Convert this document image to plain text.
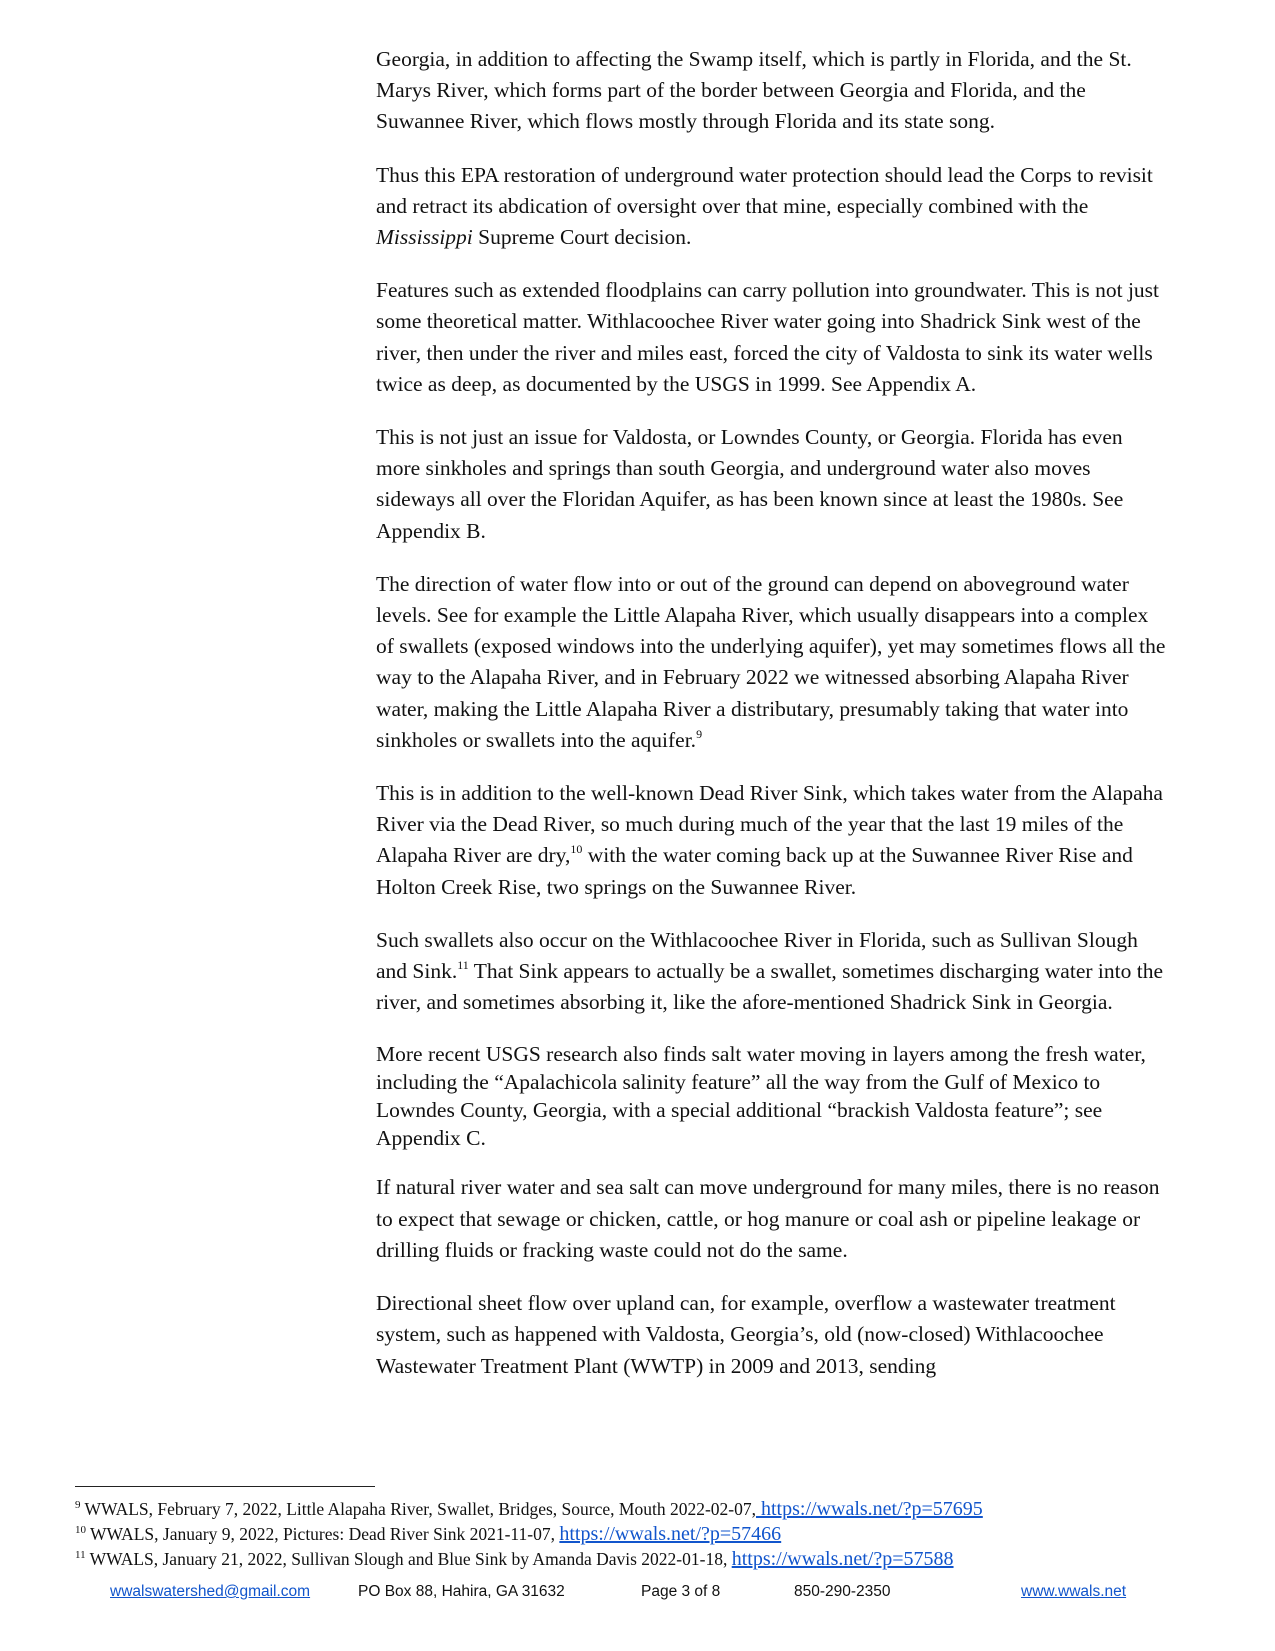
Georgia, in addition to affecting the Swamp itself, which is partly in Florida, and the St. Marys River, which forms part of the border between Georgia and Florida, and the Suwannee River, which flows mostly through Florida and its state song.

Thus this EPA restoration of underground water protection should lead the Corps to revisit and retract its abdication of oversight over that mine, especially combined with the Mississippi Supreme Court decision.

Features such as extended floodplains can carry pollution into groundwater. This is not just some theoretical matter. Withlacoochee River water going into Shadrick Sink west of the river, then under the river and miles east, forced the city of Valdosta to sink its water wells twice as deep, as documented by the USGS in 1999. See Appendix A.

This is not just an issue for Valdosta, or Lowndes County, or Georgia. Florida has even more sinkholes and springs than south Georgia, and underground water also moves sideways all over the Floridan Aquifer, as has been known since at least the 1980s. See Appendix B.

The direction of water flow into or out of the ground can depend on aboveground water levels. See for example the Little Alapaha River, which usually disappears into a complex of swallets (exposed windows into the underlying aquifer), yet may sometimes flows all the way to the Alapaha River, and in February 2022 we witnessed absorbing Alapaha River water, making the Little Alapaha River a distributary, presumably taking that water into sinkholes or swallets into the aquifer.$^9$

This is in addition to the well-known Dead River Sink, which takes water from the Alapaha River via the Dead River, so much during much of the year that the last 19 miles of the Alapaha River are dry,$^{10}$ with the water coming back up at the Suwannee River Rise and Holton Creek Rise, two springs on the Suwannee River.

Such swallets also occur on the Withlacoochee River in Florida, such as Sullivan Slough and Sink.$^{11}$ That Sink appears to actually be a swallet, sometimes discharging water into the river, and sometimes absorbing it, like the afore-mentioned Shadrick Sink in Georgia.

More recent USGS research also finds salt water moving in layers among the fresh water, including the “Apalachicola salinity feature” all the way from the Gulf of Mexico to Lowndes County, Georgia, with a special additional “brackish Valdosta feature”; see Appendix C.

If natural river water and sea salt can move underground for many miles, there is no reason to expect that sewage or chicken, cattle, or hog manure or coal ash or pipeline leakage or drilling fluids or fracking waste could not do the same.

Directional sheet flow over upland can, for example, overflow a wastewater treatment system, such as happened with Valdosta, Georgia’s, old (now-closed) Withlacoochee Wastewater Treatment Plant (WWTP) in 2009 and 2013, sending

$^9$ WWALS, February 7, 2022, Little Alapaha River, Swallet, Bridges, Source, Mouth 2022-02-07, https://wwals.net/?p=57695
$^{10}$ WWALS, January 9, 2022, Pictures: Dead River Sink 2021-11-07, https://wwals.net/?p=57466
$^{11}$ WWALS, January 21, 2022, Sullivan Slough and Blue Sink by Amanda Davis 2022-01-18, https://wwals.net/?p=57588
wwalswatershed@gmail.com	PO Box 88, Hahira, GA 31632	Page 3 of 8	850-290-2350	www.wwals.net
